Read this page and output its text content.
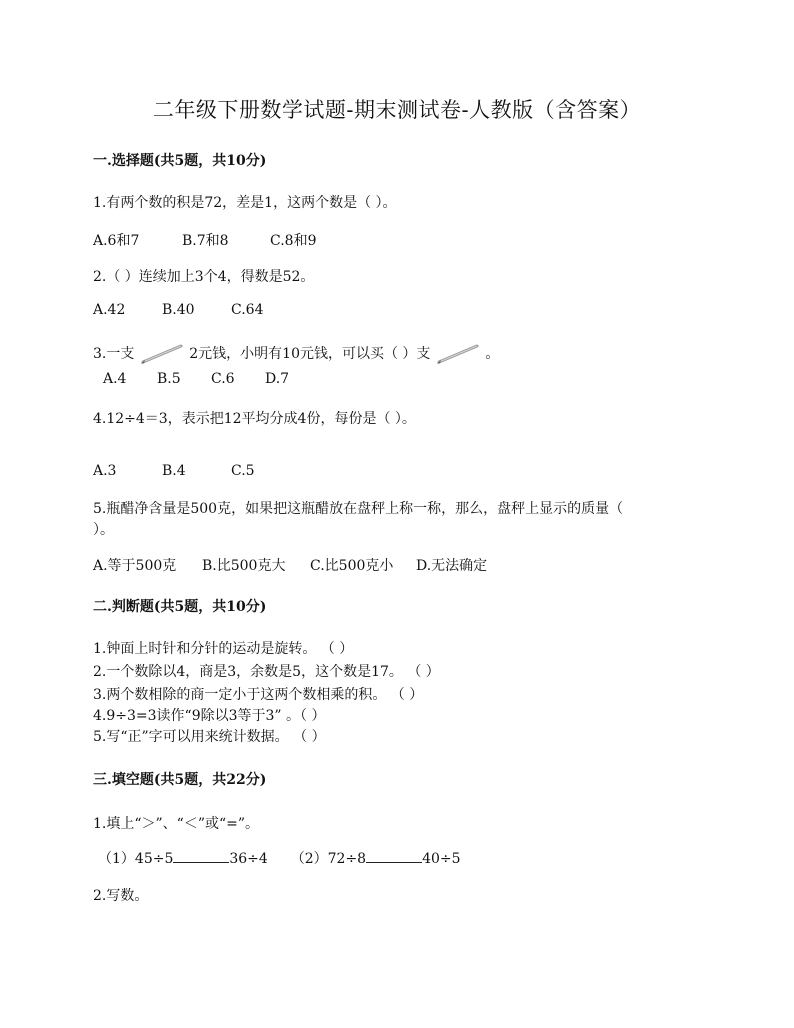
二年级下册数学试题-期末测试卷-人教版（含答案）
一.选择题(共5题，共10分)
1.有两个数的积是72，差是1，这两个数是（ ）。
A.6和7	B.7和8	C.8和9
2.（ ）连续加上3个4，得数是52。
A.42	B.40	C.64
3.一支	2元钱，小明有10元钱，可以买（ ）支	。
A.4 B.5 C.6 D.7
4.12÷4＝3，表示把12平均分成4份，每份是（ ）。
A.3	B.4	C.5
5.瓶醋净含量是500克，如果把这瓶醋放在盘秤上称一称，那么，盘秤上显示的质量（
）。
A.等于500克 B.比500克大 C.比500克小 D.无法确定
二.判断题(共5题，共10分)
1.钟面上时针和分针的运动是旋转。 （ ）
2.一个数除以4，商是3，余数是5，这个数是17。 （ ）
3.两个数相除的商一定小于这两个数相乘的积。 （ ）
4.9÷3=3读作“9除以3等于3” 。（ ）
5.写“正”字可以用来统计数据。 （ ）
三.填空题(共5题，共22分)
1.填上“＞”、“＜”或“=”。
（1）45÷5	36÷4 （2）72÷8	40÷5
2.写数。
